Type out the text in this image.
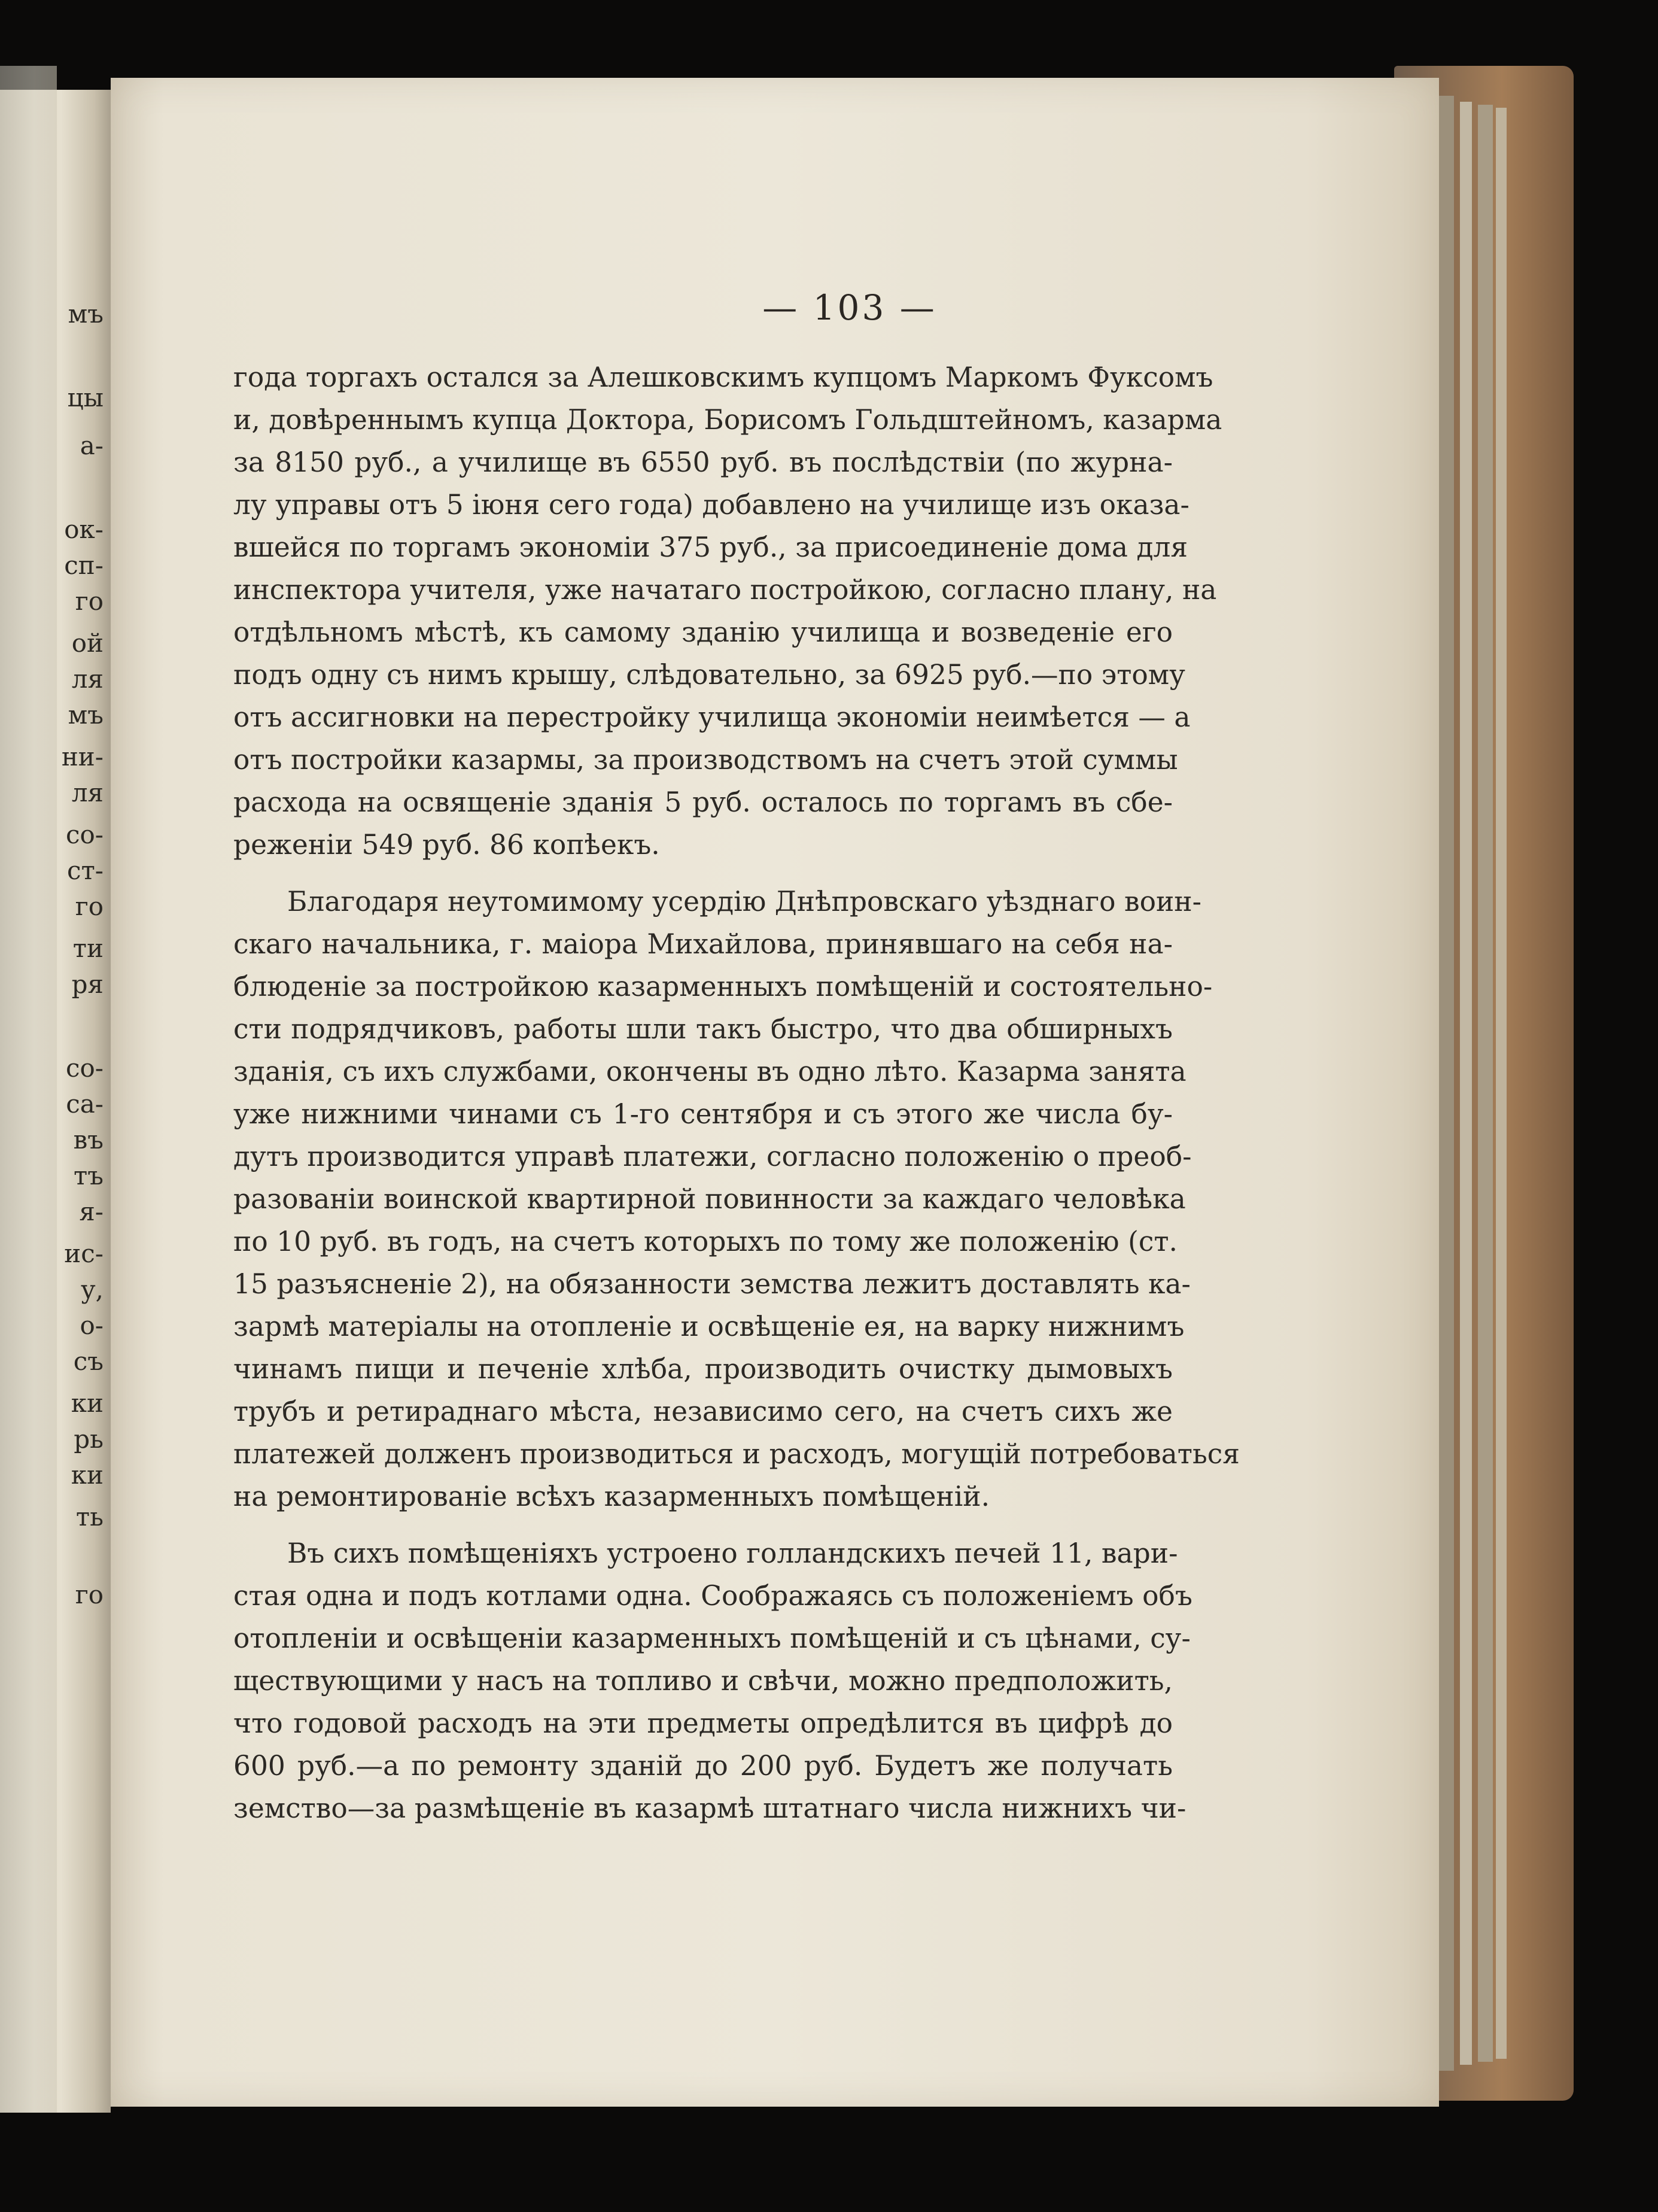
мъ
цы
а-
ок-
сп-
го
ой
ля
мъ
ни-
ля
со-
ст-
го
ти
ря
со-
са-
въ
тъ
я-
ис-
у,
о-
съ
ки
рь
ки
ть
го
— 103 —
года торгахъ остался за Алешковскимъ купцомъ Маркомъ Фуксомъ
и, довѣреннымъ купца Доктора, Борисомъ Гольдштейномъ, казарма
за 8150 руб., а училище въ 6550 руб. въ послѣдствіи (по журна-
лу управы отъ 5 іюня сего года) добавлено на училище изъ оказа-
вшейся по торгамъ экономіи 375 руб., за присоединеніе дома для
инспектора учителя, уже начатаго постройкою, согласно плану, на
отдѣльномъ мѣстѣ, къ самому зданію училища и возведеніе его
подъ одну съ нимъ крышу, слѣдовательно, за 6925 руб.—по этому
отъ ассигновки на перестройку училища экономіи неимѣется — а
отъ постройки казармы, за производствомъ на счетъ этой суммы
расхода на освященіе зданія 5 руб. осталось по торгамъ въ сбе-
реженіи 549 руб. 86 копѣекъ.
Благодаря неутомимому усердію Днѣпровскаго уѣзднаго воин-
скаго начальника, г. маіора Михайлова, принявшаго на себя на-
блюденіе за постройкою казарменныхъ помѣщеній и состоятельно-
сти подрядчиковъ, работы шли такъ быстро, что два обширныхъ
зданія, съ ихъ службами, окончены въ одно лѣто. Казарма занята
уже нижними чинами съ 1-го сентября и съ этого же числа бу-
дутъ производится управѣ платежи, согласно положенію о преоб-
разованіи воинской квартирной повинности за каждаго человѣка
по 10 руб. въ годъ, на счетъ которыхъ по тому же положенію (ст.
15 разъясненіе 2), на обязанности земства лежитъ доставлять ка-
зармѣ матеріалы на отопленіе и освѣщеніе ея, на варку нижнимъ
чинамъ пищи и печеніе хлѣба, производить очистку дымовыхъ
трубъ и ретираднаго мѣста, независимо сего, на счетъ сихъ же
платежей долженъ производиться и расходъ, могущій потребоваться
на ремонтированіе всѣхъ казарменныхъ помѣщеній.
Въ сихъ помѣщеніяхъ устроено голландскихъ печей 11, вари-
стая одна и подъ котлами одна. Соображаясь съ положеніемъ объ
отопленіи и освѣщеніи казарменныхъ помѣщеній и съ цѣнами, су-
ществующими у насъ на топливо и свѣчи, можно предположить,
что годовой расходъ на эти предметы опредѣлится въ цифрѣ до
600 руб.—а по ремонту зданій до 200 руб. Будетъ же получать
земство—за размѣщеніе въ казармѣ штатнаго числа нижнихъ чи-
